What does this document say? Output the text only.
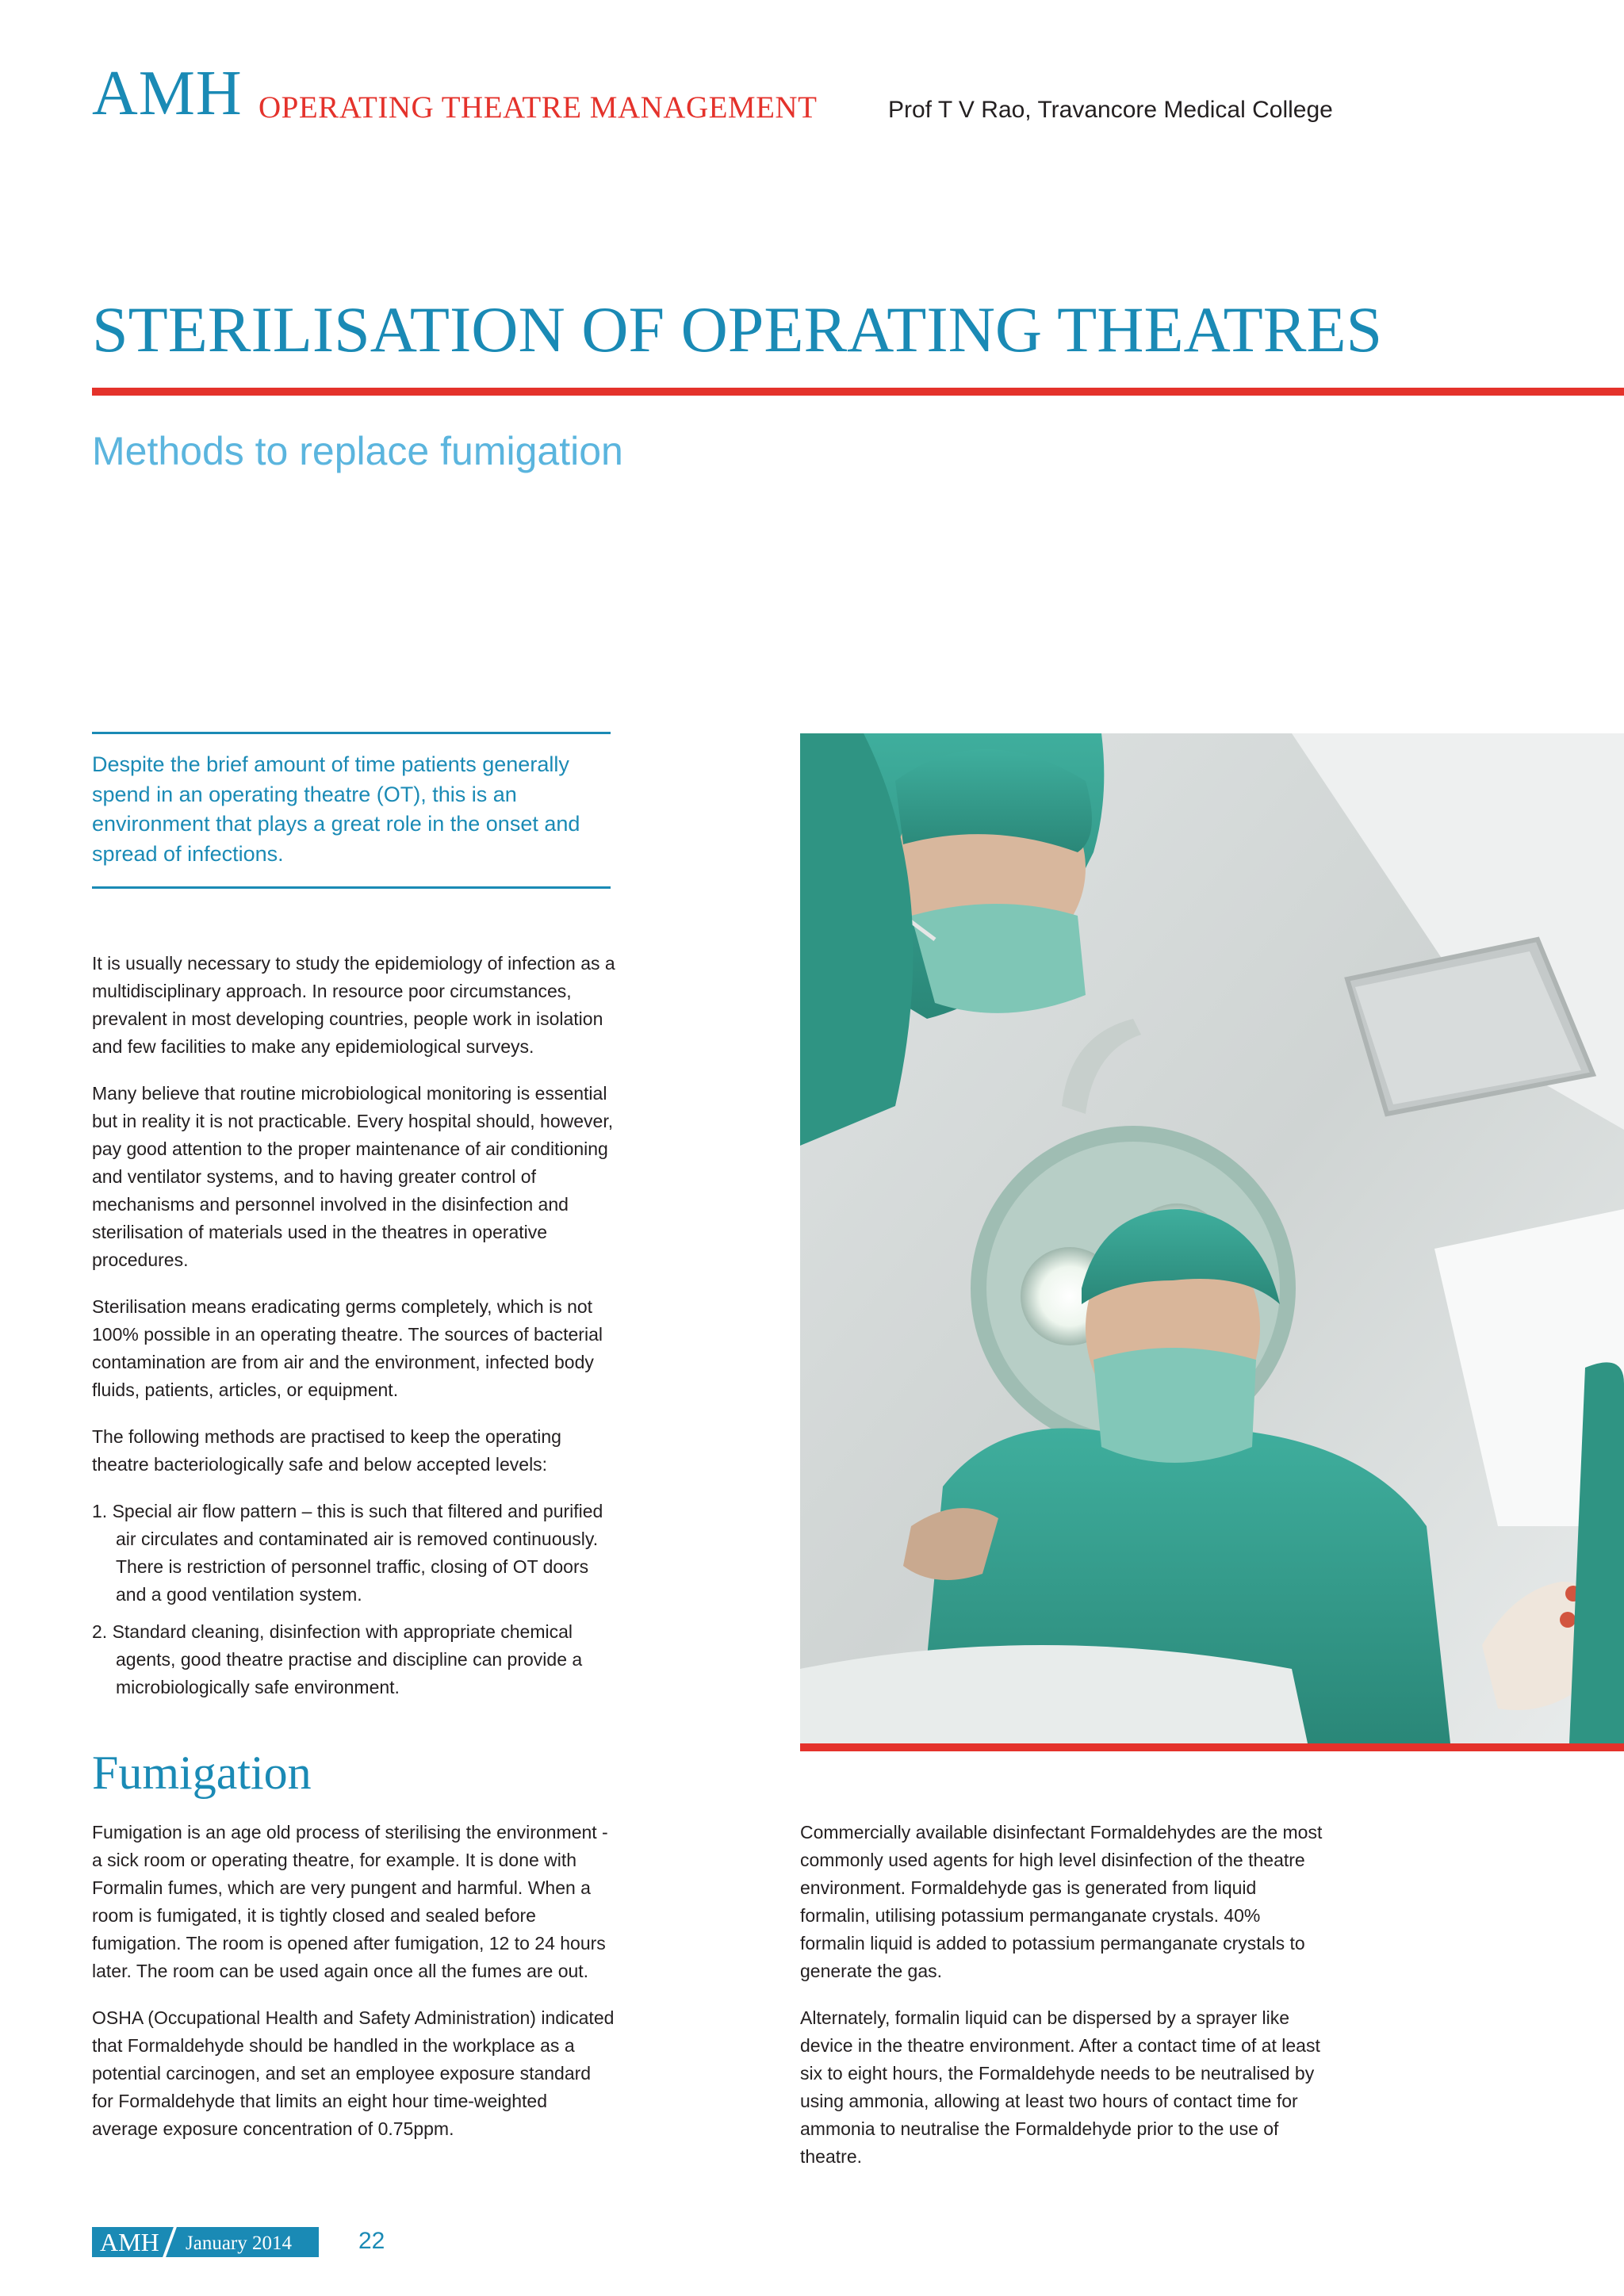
AMH OPERATING THEATRE MANAGEMENT	Prof T V Rao, Travancore Medical College
STERILISATION OF OPERATING THEATRES
Methods to replace fumigation

Despite the brief amount of time patients generally spend in an operating theatre (OT), this is an environment that plays a great role in the onset and spread of infections.

It is usually necessary to study the epidemiology of infection as a multidisciplinary approach. In resource poor circumstances, prevalent in most developing countries, people work in isolation and few facilities to make any epidemiological surveys.

Many believe that routine microbiological monitoring is essential but in reality it is not practicable. Every hospital should, however, pay good attention to the proper maintenance of air conditioning and ventilator systems, and to having greater control of mechanisms and personnel involved in the disinfection and sterilisation of materials used in the theatres in operative procedures.

Sterilisation means eradicating germs completely, which is not 100% possible in an operating theatre. The sources of bacterial contamination are from air and the environment, infected body fluids, patients, articles, or equipment.

The following methods are practised to keep the operating theatre bacteriologically safe and below accepted levels:

1. Special air flow pattern – this is such that filtered and purified air circulates and contaminated air is removed continuously. There is restriction of personnel traffic, closing of OT doors and a good ventilation system.

2. Standard cleaning, disinfection with appropriate chemical agents, good theatre practise and discipline can provide a microbiologically safe environment.

Fumigation

Fumigation is an age old process of sterilising the environment - a sick room or operating theatre, for example. It is done with Formalin fumes, which are very pungent and harmful. When a room is fumigated, it is tightly closed and sealed before fumigation. The room is opened after fumigation, 12 to 24 hours later. The room can be used again once all the fumes are out.

OSHA (Occupational Health and Safety Administration) indicated that Formaldehyde should be handled in the workplace as a potential carcinogen, and set an employee exposure standard for Formaldehyde that limits an eight hour time-weighted average exposure concentration of 0.75ppm.

Commercially available disinfectant Formaldehydes are the most commonly used agents for high level disinfection of the theatre environment. Formaldehyde gas is generated from liquid formalin, utilising potassium permanganate crystals. 40% formalin liquid is added to potassium permanganate crystals to generate the gas.

Alternately, formalin liquid can be dispersed by a sprayer like device in the theatre environment. After a contact time of at least six to eight hours, the Formaldehyde needs to be neutralised by using ammonia, allowing at least two hours of contact time for ammonia to neutralise the Formaldehyde prior to the use of theatre.

AMH January 2014	22
